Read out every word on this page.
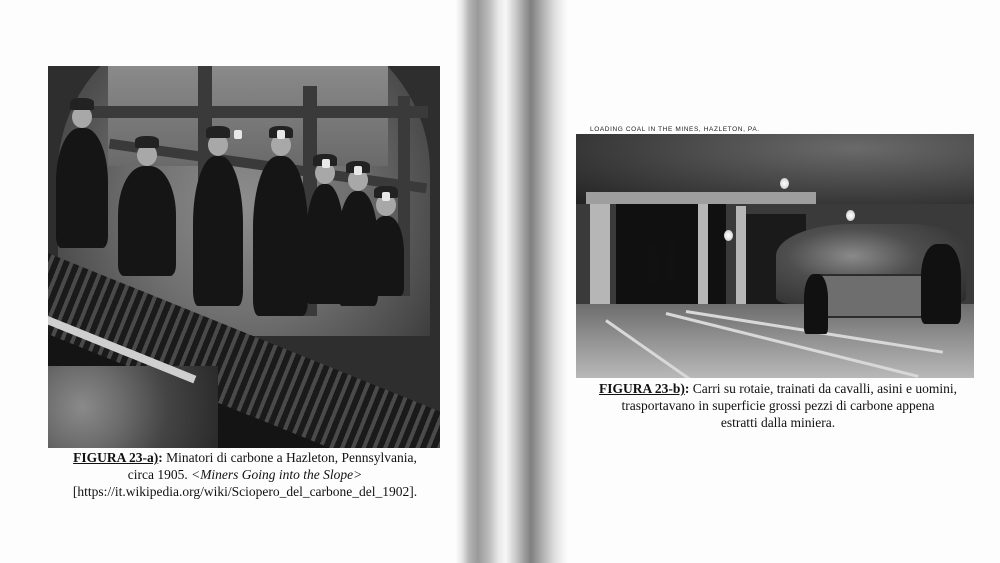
FIGURA 23-a): Minatori di carbone a Hazleton, Pennsylvania,
circa 1905. <Miners Going into the Slope>
[https://it.wikipedia.org/wiki/Sciopero_del_carbone_del_1902].
LOADING COAL IN THE MINES, HAZLETON, PA.
FIGURA 23-b): Carri su rotaie, trainati da cavalli, asini e uomini,
trasportavano in superficie grossi pezzi di carbone appena
estratti dalla miniera.
